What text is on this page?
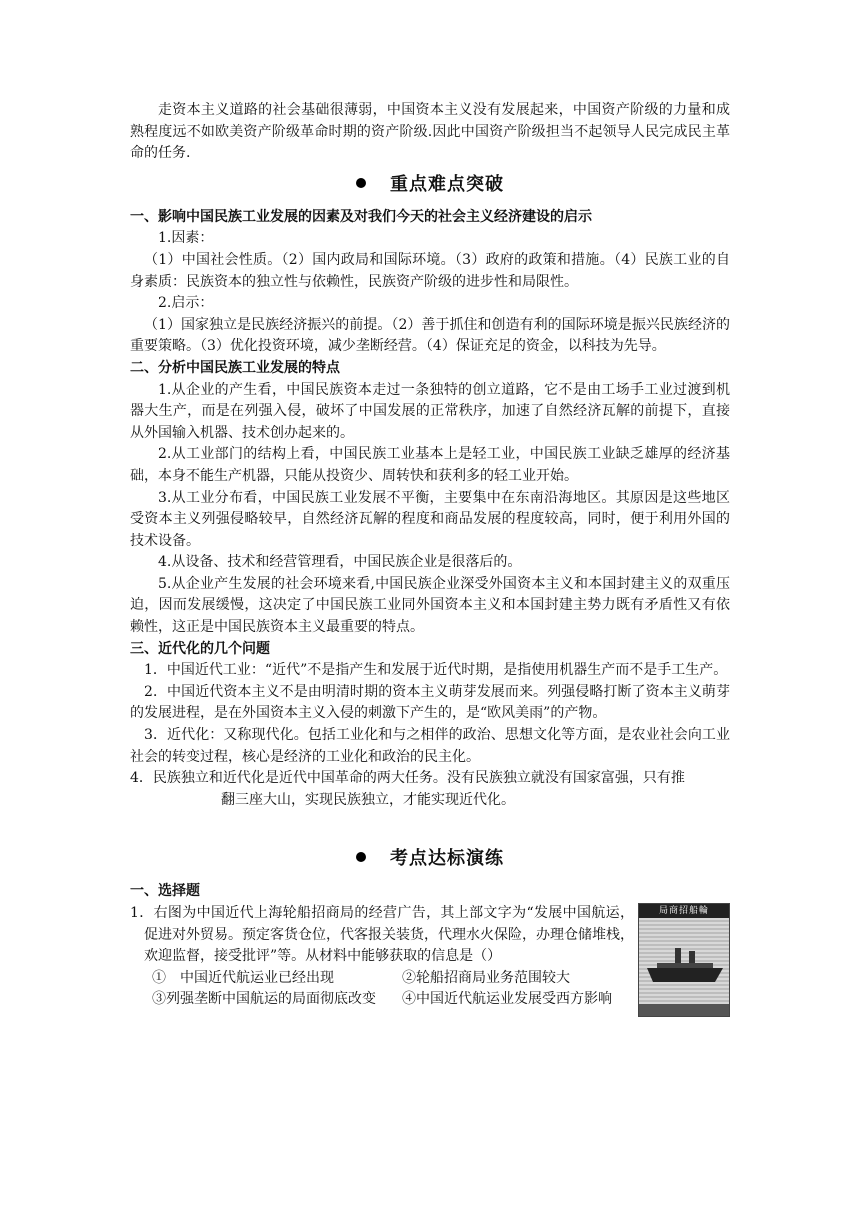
走资本主义道路的社会基础很薄弱，中国资本主义没有发展起来，中国资产阶级的力量和成熟程度远不如欧美资产阶级革命时期的资产阶级.因此中国资产阶级担当不起领导人民完成民主革命的任务.

重点难点突破
一、影响中国民族工业发展的因素及对我们今天的社会主义经济建设的启示

1.因素：

（1）中国社会性质。（2）国内政局和国际环境。（3）政府的政策和措施。（4）民族工业的自身素质：民族资本的独立性与依赖性，民族资产阶级的进步性和局限性。

2.启示：

（1）国家独立是民族经济振兴的前提。（2）善于抓住和创造有利的国际环境是振兴民族经济的重要策略。（3）优化投资环境，减少垄断经营。（4）保证充足的资金，以科技为先导。

二、分析中国民族工业发展的特点

1.从企业的产生看，中国民族资本走过一条独特的创立道路，它不是由工场手工业过渡到机器大生产，而是在列强入侵，破坏了中国发展的正常秩序，加速了自然经济瓦解的前提下，直接从外国输入机器、技术创办起来的。

2.从工业部门的结构上看，中国民族工业基本上是轻工业，中国民族工业缺乏雄厚的经济基础，本身不能生产机器，只能从投资少、周转快和获利多的轻工业开始。

3.从工业分布看，中国民族工业发展不平衡，主要集中在东南沿海地区。其原因是这些地区受资本主义列强侵略较早，自然经济瓦解的程度和商品发展的程度较高，同时，便于利用外国的技术设备。

4.从设备、技术和经营管理看，中国民族企业是很落后的。

5.从企业产生发展的社会环境来看,中国民族企业深受外国资本主义和本国封建主义的双重压迫，因而发展缓慢，这决定了中国民族工业同外国资本主义和本国封建主势力既有矛盾性又有依赖性，这正是中国民族资本主义最重要的特点。

三、近代化的几个问题

1．中国近代工业：“近代”不是指产生和发展于近代时期，是指使用机器生产而不是手工生产。

2．中国近代资本主义不是由明清时期的资本主义萌芽发展而来。列强侵略打断了资本主义萌芽的发展进程，是在外国资本主义入侵的刺激下产生的，是“欧风美雨”的产物。

3．近代化：又称现代化。包括工业化和与之相伴的政治、思想文化等方面，是农业社会向工业社会的转变过程，核心是经济的工业化和政治的民主化。

4．民族独立和近代化是近代中国革命的两大任务。没有民族独立就没有国家富强，只有推
翻三座大山，实现民族独立，才能实现近代化。

考点达标演练
一、选择题

1．右图为中国近代上海轮船招商局的经营广告，其上部文字为“发展中国航运，促进对外贸易。预定客货仓位，代客报关装货，代理水火保险，办理仓储堆栈，欢迎监督，接受批评”等。从材料中能够获取的信息是（）

①　中国近代航运业已经出现	②轮船招商局业务范围较大
③列强垄断中国航运的局面彻底改变	④中国近代航运业发展受西方影响
局商招船輪
